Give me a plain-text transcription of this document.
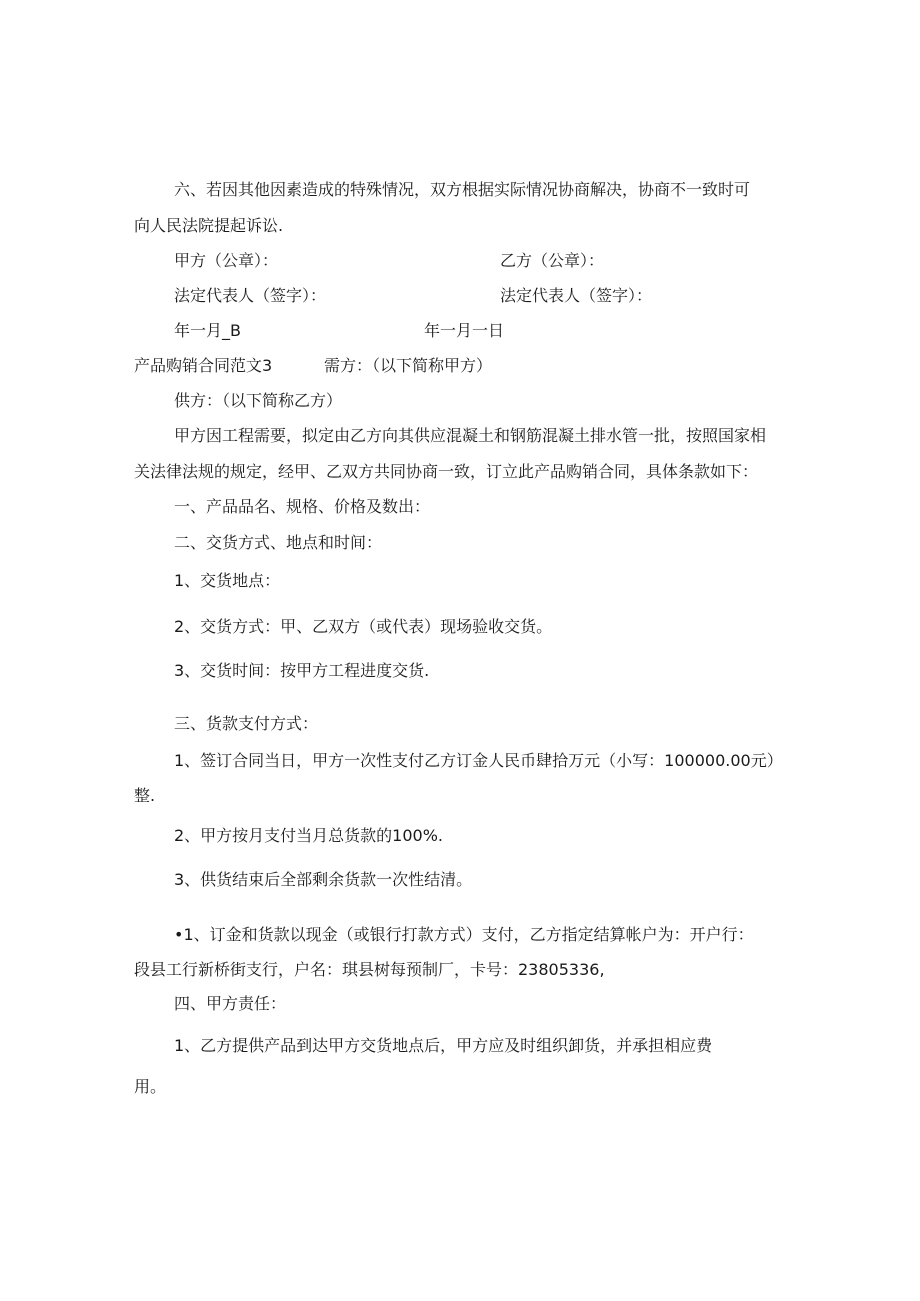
六、若因其他因素造成的特殊情况，双方根据实际情况协商解决，协商不一致时可
向人民法院提起诉讼.
甲方（公章）：	乙方（公章）：
法定代表人（签字）：	法定代表人（签字）：
年一月_B	年一月一日
产品购销合同范文3	需方：（以下简称甲方）
供方：（以下简称乙方）
甲方因工程需要，拟定由乙方向其供应混凝土和钢筋混凝土排水管一批，按照国家相
关法律法规的规定，经甲、乙双方共同协商一致，订立此产品购销合同，具体条款如下：
一、产品品名、规格、价格及数出：
二、交货方式、地点和时间：
1、交货地点：
2、交货方式：甲、乙双方（或代表）现场验收交货。
3、交货时间：按甲方工程进度交货.
三、货款支付方式：
1、签订合同当日，甲方一次性支付乙方订金人民币肆拾万元（小写：100000.00元）
整.
2、甲方按月支付当月总货款的100%.
3、供货结束后全部剩余货款一次性结清。
•1、订金和货款以现金（或银行打款方式）支付，乙方指定结算帐户为：开户行：
段县工行新桥街支行，户名：琪县树每预制厂，卡号：23805336,
四、甲方责任：
1、乙方提供产品到达甲方交货地点后，甲方应及时组织卸货，并承担相应费
用。
